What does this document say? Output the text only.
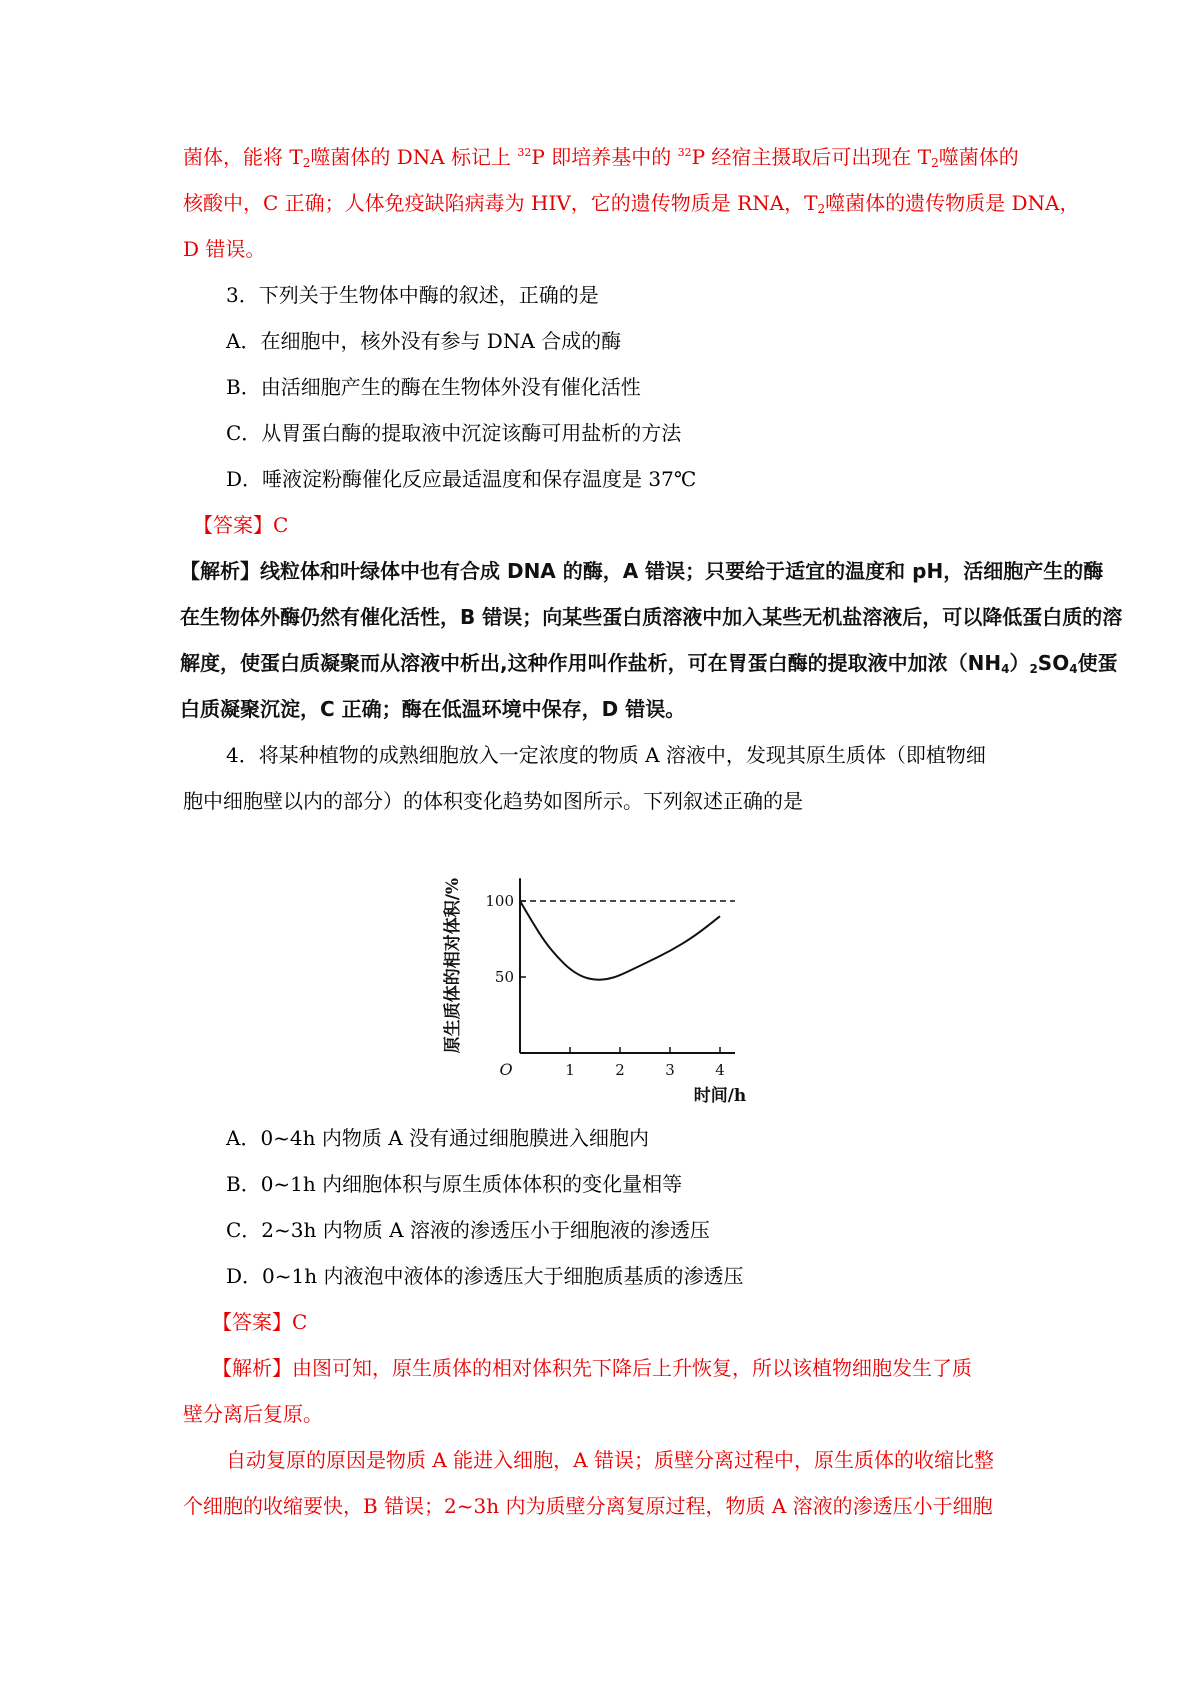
菌体，能将 $T_2$噬菌体的 DNA 标记上 $^{32}$P 即培养基中的 $^{32}$P 经宿主摄取后可出现在 $T_2$噬菌体的
核酸中，C 正确；人体免疫缺陷病毒为 HIV，它的遗传物质是 RNA，$T_2$噬菌体的遗传物质是 DNA，
D 错误。
3．下列关于生物体中酶的叙述，正确的是
A．在细胞中，核外没有参与 DNA 合成的酶
B．由活细胞产生的酶在生物体外没有催化活性
C．从胃蛋白酶的提取液中沉淀该酶可用盐析的方法
D．唾液淀粉酶催化反应最适温度和保存温度是 37℃
【答案】C
【解析】线粒体和叶绿体中也有合成 DNA 的酶，A 错误；只要给于适宜的温度和 pH，活细胞产生的酶
在生物体外酶仍然有催化活性，B 错误；向某些蛋白质溶液中加入某些无机盐溶液后，可以降低蛋白质的溶
解度，使蛋白质凝聚而从溶液中析出,这种作用叫作盐析，可在胃蛋白酶的提取液中加浓$(NH_4)_2SO_4$使蛋
白质凝聚沉淀，C 正确；酶在低温环境中保存，D 错误。
4．将某种植物的成熟细胞放入一定浓度的物质 A 溶液中，发现其原生质体（即植物细
胞中细胞壁以内的部分）的体积变化趋势如图所示。下列叙述正确的是
1	2	3	4
50
100
O
原生质体的相对体积/%
时间/h
A．0~4h 内物质 A 没有通过细胞膜进入细胞内
B．0~1h 内细胞体积与原生质体体积的变化量相等
C．2~3h 内物质 A 溶液的渗透压小于细胞液的渗透压
D．0~1h 内液泡中液体的渗透压大于细胞质基质的渗透压
【答案】C
【解析】由图可知，原生质体的相对体积先下降后上升恢复，所以该植物细胞发生了质
壁分离后复原。
自动复原的原因是物质 A 能进入细胞，A 错误；质壁分离过程中，原生质体的收缩比整
个细胞的收缩要快，B 错误；2~3h 内为质壁分离复原过程，物质 A 溶液的渗透压小于细胞
